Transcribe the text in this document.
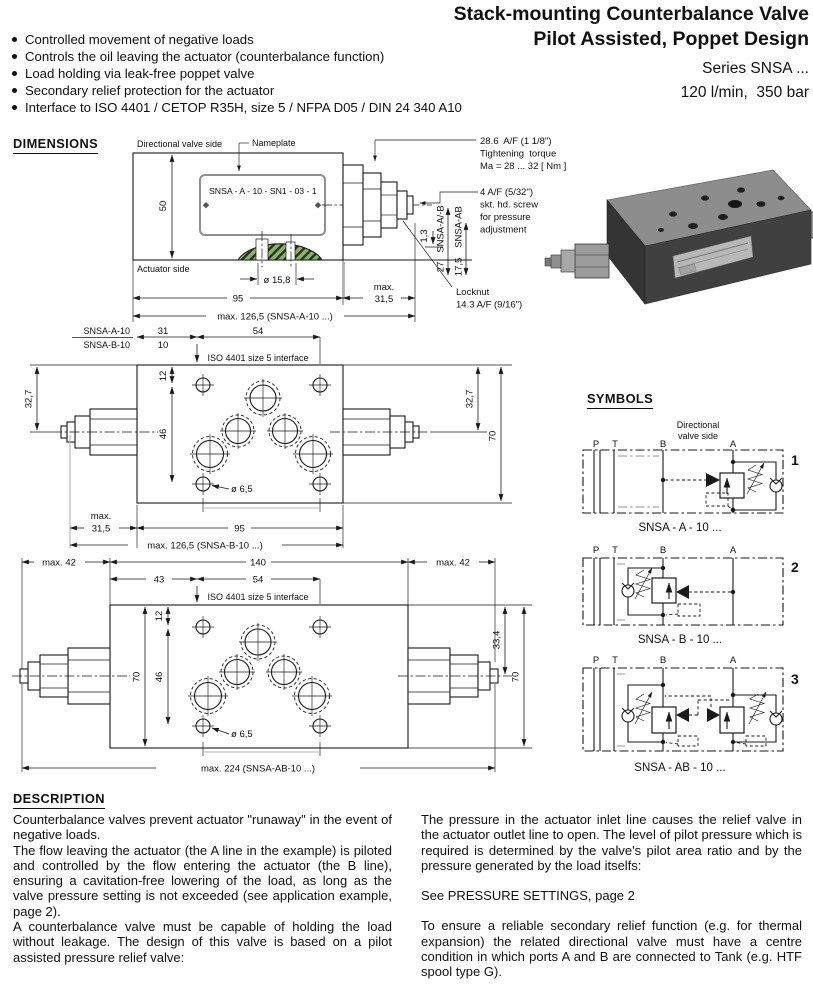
Stack-mounting Counterbalance Valve
Pilot Assisted, Poppet Design
Series SNSA ...
120 l/min,  350 bar
Controlled movement of negative loads
Controls the oil leaving the actuator (counterbalance function)
Load holding via leak-free poppet valve
Secondary relief protection for the actuator
Interface to ISO 4401 / CETOP R35H, size 5 / NFPA D05 / DIN 24 340 A10
DIMENSIONS	Directional valve side	Nameplate
SNSA - A - 10 - SN1 - 03 - 1
50
Actuator side
28.6  A/F (1 1/8")
Tightening  torque
Ma = 28 ... 32 [ Nm ]
4 A/F (5/32")
skt. hd. screw
for pressure
adjustment
1,3 SNSA-A/-B
27
SNSA-AB
17,5
Locknut
14.3 A/F (9/16")
ø 15,8
95
max.
31,5
max. 126,5 (SNSA-A-10 ...)
SNSA-A-10
SNSA-B-10
31
10
54
ISO 4401 size 5 interface
12
46
32,7	32,7
70
ø 6,5
max.
31,5	95
max. 126,5 (SNSA-B-10 ...)
max. 42	140	max. 42
43	54
ISO 4401 size 5 interface
12
46
70
ø 6,5
max. 224 (SNSA-AB-10 ...)
33,4
70
SYMBOLS
P T	B	A
Directional
valve side
1
SNSA - A - 10 ...
P T	B	A
2
SNSA - B - 10 ...
P T	B	A
3
SNSA - AB - 10 ...
DESCRIPTION

Counterbalance valves prevent actuator "runaway" in the event of negative loads.

The flow leaving the actuator (the A line in the example) is piloted and controlled by the flow entering the actuator (the B line), ensuring a cavitation-free lowering of the load, as long as the valve pressure setting is not exceeded (see application example, page 2).

A counterbalance valve must be capable of holding the load without leakage. The design of this valve is based on a pilot assisted pressure relief valve:

The pressure in the actuator inlet line causes the relief valve in the actuator outlet line to open. The level of pilot pressure which is required is determined by the valve's pilot area ratio and by the pressure generated by the load itselfs:

See PRESSURE SETTINGS, page 2

To ensure a reliable secondary relief function (e.g. for thermal expansion) the related directional valve must have a centre condition in which ports A and B are connected to Tank (e.g. HTF spool type G).
